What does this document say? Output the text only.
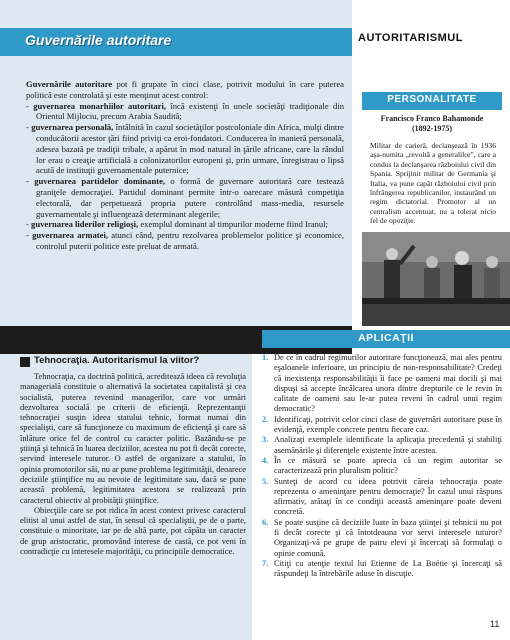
Guvernările autoritare

Guvernările autoritare pot fi grupate în cinci clase, potrivit modului în care puterea politică este controlată şi este menţinut acest control:

- guvernarea monarhiilor autoritari, încă existenţi în unele societăţi tradiţionale din Orientul Mijlociu, precum Arabia Saudită;
- guvernarea personală, întâlnită în cazul societăţilor postcoloniale din Africa, mulţi dintre conducătorii acestor ţări fiind priviţi ca eroi-fondatori. Conducerea în manieră personală, adesea bazată pe tradiţii tribale, a apărut în mod natural în ţările africane, care la rândul lor erau o creaţie artificială a colonizatorilor europeni şi, prin urmare, înregistrau o lipsă acută de instituţii guvernamentale puternice;
- guvernarea partidelor dominante, o formă de guvernare autoritară care testează graniţele democraţiei. Partidul dominant permite într-o oarecare măsură competiţia electorală, dar perpetuează propria putere controlând mass-media, resursele guvernamentale şi influenţează determinant alegerile;
- guvernarea liderilor religioşi, exemplul dominant al timpurilor moderne fiind Iranul;
- guvernarea armatei, atunci când, pentru rezolvarea problemelor politice şi economice, controlul puterii politice este preluat de armată.
AUTORITARISMUL
PERSONALITATE
Francisco Franco Bahamonde
(1892-1975)
Militar de carieră, declanşează în 1936 aşa-numita „revoltă a generalilor", care a condus la declanşarea războiului civil din Spania. Sprijinit militar de Germania şi Italia, va pune capăt războiului civil prin înfrângerea republicanilor, instaurând un regim dictatorial. Promotor al un centralism accentuat, nu a tolerat nicio fel de opoziţie.
Tehnocraţia. Autoritarismul la viitor?

Tehnocraţia, ca doctrină politică, acreditează ideea că revoluţia managerială constituie o alternativă la societatea capitalistă şi cea socialistă, puterea revenind managerilor, care vor urmări dezvoltarea socială pe criterii de eficienţă. Reprezentanţii tehnocraţiei susţin ideea statului tehnic, format numai din specialişti, care să funcţioneze cu maximum de eficienţă şi care să înlăture orice fel de control cu caracter politic. Bazându-se pe ştiinţă şi tehnică în luarea deciziilor, acestea nu pot fi decât corecte, servind interesele tuturor. O astfel de organizare a statului, în opinia promotorilor săi, nu ar pune problema legitimităţii, deoarece deciziile ştiinţifice nu au nevoie de legitimitate sau, dacă se pune această problemă, legitimitatea acestora se realizează prin caracterul obiectiv al probităţii ştiinţifice.

Obiecţiile care se pot ridica în acest context privesc caracterul elitist al unui astfel de stat, în sensul că specialiştii, pe de o parte, constituie o minoritate, iar pe de altă parte, pot căpăta un caracter de grup aristocratic, promovând interese de castă, ce pot veni în contradicţie cu interesele majorităţii, cu principiile democratice.

APLICAŢII
1. De ce în cadrul regimurilor autoritare funcţionează, mai ales pentru eşaloanele inferioare, un principiu de non-responsabilitate? Credeţi că inexistenţa responsabilităţii îi face pe oameni mai docili şi mai dispuşi să accepte încălcarea unora dintre drepturile ce le revin în calitate de oameni sau le-ar putea reveni în cadrul unui regim democratic?
2. Identificaţi, potrivit celor cinci clase de guvernări autoritare puse în evidenţă, exemple concrete pentru fiecare caz.
3. Analizaţi exemplele identificate la aplicaţia precedentă şi stabiliţi asemănările şi diferenţele existente între acestea.
4. În ce măsură se poate aprecia că un regim autoritar se caracterizează prin pluralism politic?
5. Sunteţi de acord cu ideea potrivit căreia tehnocraţia poate reprezenta o ameninţare pentru democraţie? În cazul unui răspuns afirmativ, arătaţi în ce condiţii această ameninţare poate deveni concretă.
6. Se poate susţine că deciziile luate în baza ştiinţei şi tehnicii nu pot fi decât corecte şi că întotdeauna vor servi interesele tuturor? Organizaţi-vă pe grupe de patru elevi şi încercaţi să formulaţi o opinie comună.
7. Citiţi cu atenţie textul lui Etienne de La Boétie şi încercaţi să răspundeţi la întrebările aduse în discuţie.
11
